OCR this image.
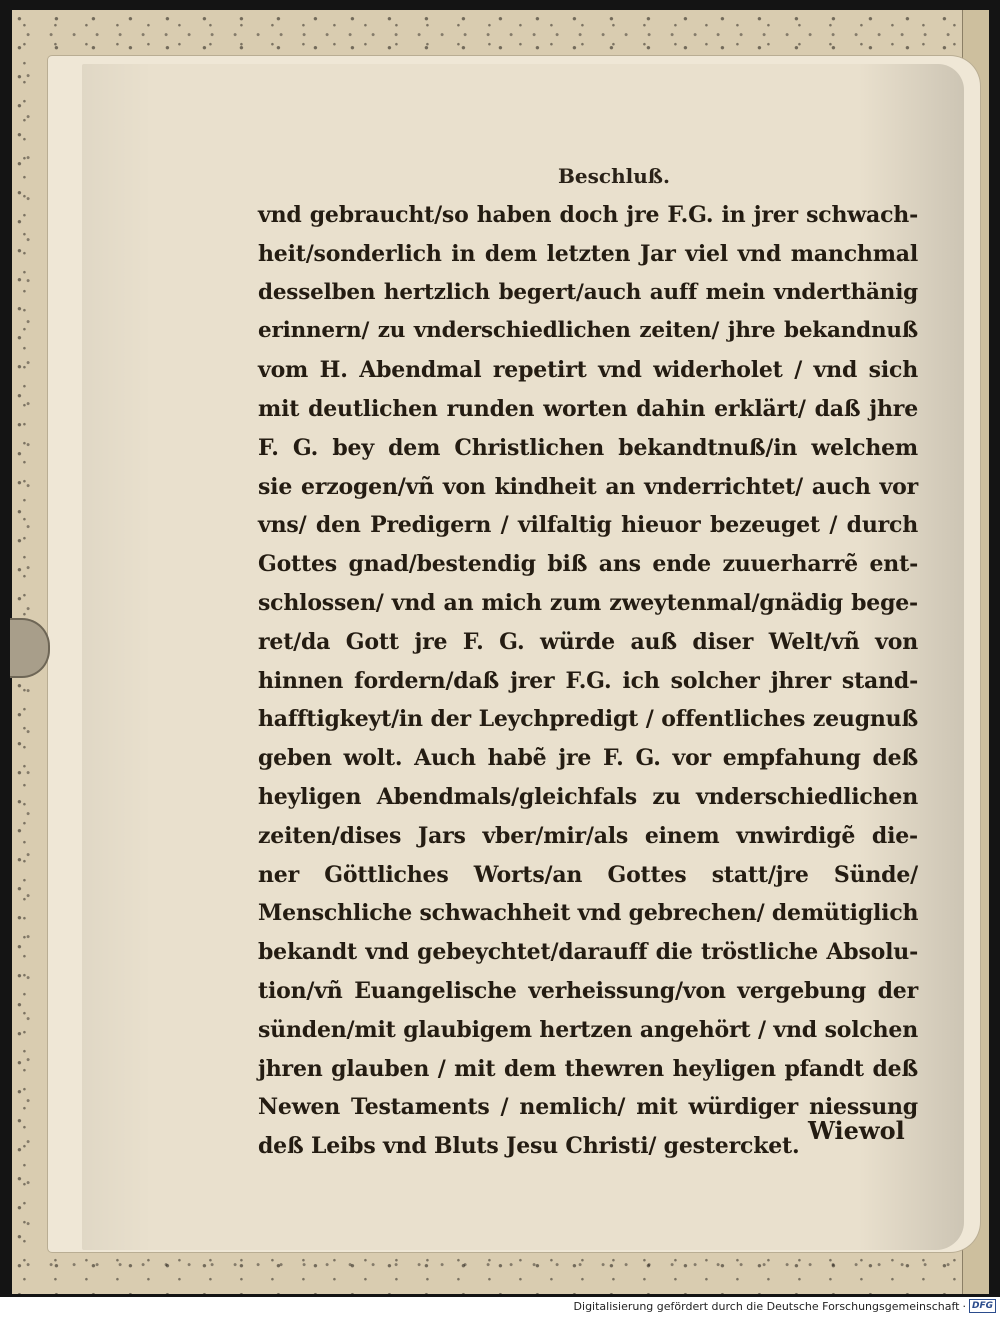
Beschluß.
vnd gebraucht/so haben doch jre F.G. in jrer schwach-
heit/sonderlich in dem letzten Jar viel vnd manchmal
desselben hertzlich begert/auch auff mein vnderthänig
erinnern/ zu vnderschiedlichen zeiten/ jhre bekandnuß
vom H. Abendmal repetirt vnd widerholet / vnd sich
mit deutlichen runden worten dahin erklärt/ daß jhre
F. G. bey dem Christlichen bekandtnuß/in welchem
sie erzogen/vñ von kindheit an vnderrichtet/ auch vor
vns/ den Predigern / vilfaltig hieuor bezeuget / durch
Gottes gnad/bestendig biß ans ende zuuerharrẽ ent-
schlossen/ vnd an mich zum zweytenmal/gnädig bege-
ret/da Gott jre F. G. würde auß diser Welt/vñ von
hinnen fordern/daß jrer F.G. ich solcher jhrer stand-
hafftigkeyt/in der Leychpredigt / offentliches zeugnuß
geben wolt. Auch habẽ jre F. G. vor empfahung deß
heyligen Abendmals/gleichfals zu vnderschiedlichen
zeiten/dises Jars vber/mir/als einem vnwirdigẽ die-
ner Göttliches Worts/an Gottes statt/jre Sünde/
Menschliche schwachheit vnd gebrechen/ demütiglich
bekandt vnd gebeychtet/darauff die tröstliche Absolu-
tion/vñ Euangelische verheissung/von vergebung der
sünden/mit glaubigem hertzen angehört / vnd solchen
jhren glauben / mit dem thewren heyligen pfandt deß
Newen Testaments / nemlich/ mit würdiger niessung
deß Leibs vnd Bluts Jesu Christi/ gestercket.
Wiewol
Digitalisierung gefördert durch die Deutsche Forschungsgemeinschaft · DFG
